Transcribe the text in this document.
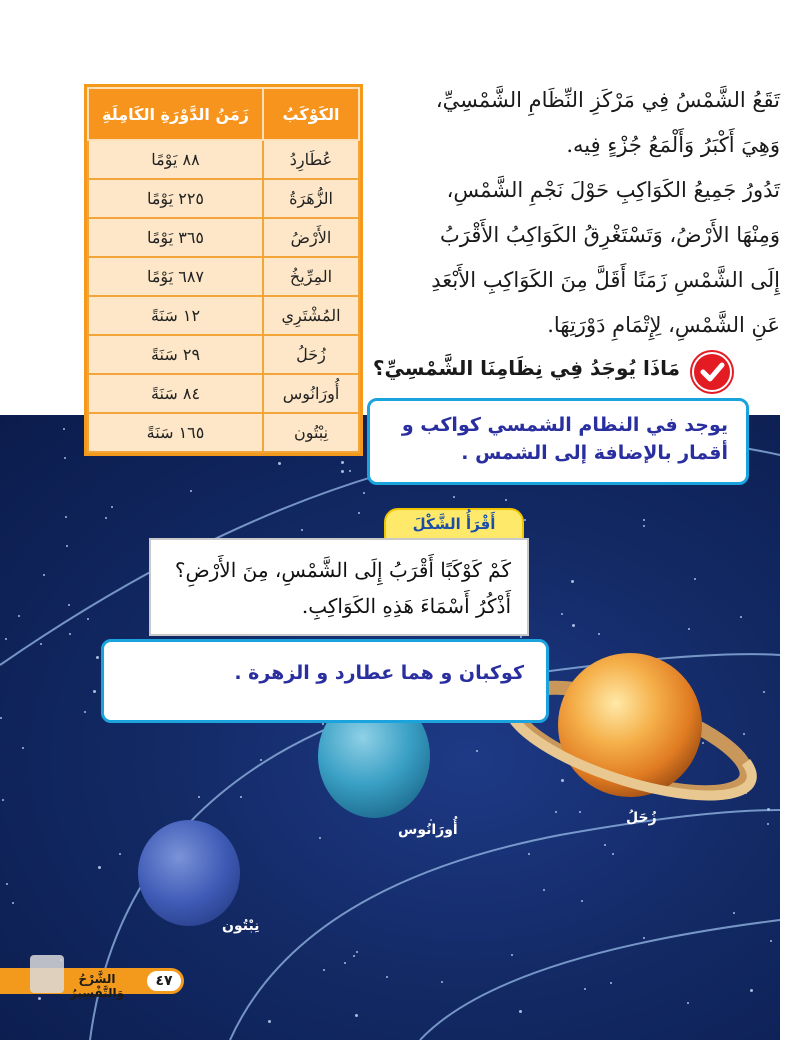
زُحَلُ
أُورَانُوس
نِبْتُون
الكَوْكَبُ	زَمَنُ الدَّوْرَةِ الكَامِلَةِ
عُطَارِدُ	٨٨ يَوْمًا
الزُّهَرَةُ	٢٢٥ يَوْمًا
الأَرْضُ	٣٦٥ يَوْمًا
المِرِّيخُ	٦٨٧ يَوْمًا
المُشْتَرِي	١٢ سَنَةً
زُحَلُ	٢٩ سَنَةً
أُورَانُوس	٨٤ سَنَةً
نِبْتُون	١٦٥ سَنَةً

تَقَعُ الشَّمْسُ فِي مَرْكَزِ النِّظَامِ الشَّمْسِيِّ،

وَهِيَ أَكْبَرُ وَأَلْمَعُ جُزْءٍ فِيه.

تَدُورُ جَمِيعُ الكَوَاكِبِ حَوْلَ نَجْمِ الشَّمْسِ،

وَمِنْهَا الأَرْضُ، وَتَسْتَغْرِقُ الكَوَاكِبُ الأَقْرَبُ

إِلَى الشَّمْسِ زَمَنًا أَقَلَّ مِنَ الكَوَاكِبِ الأَبْعَدِ

عَنِ الشَّمْسِ، لِإِتْمَامِ دَوْرَتِهَا.

مَاذَا يُوجَدُ فِي نِظَامِنَا الشَّمْسِيِّ؟
يوجد في النظام الشمسي كواكب و
أقمار بالإضافة إلى الشمس .
أَقْرَأُ الشَّكْلَ
كَمْ كَوْكَبًا أَقْرَبُ إِلَى الشَّمْسِ، مِنَ الأَرْضِ؟
أَذْكُرُ أَسْمَاءَ هَذِهِ الكَوَاكِبِ.
كوكبان و هما عطارد و الزهرة .
الشَّرْحُ وَالتَّفْسِيرُ
٤٧
